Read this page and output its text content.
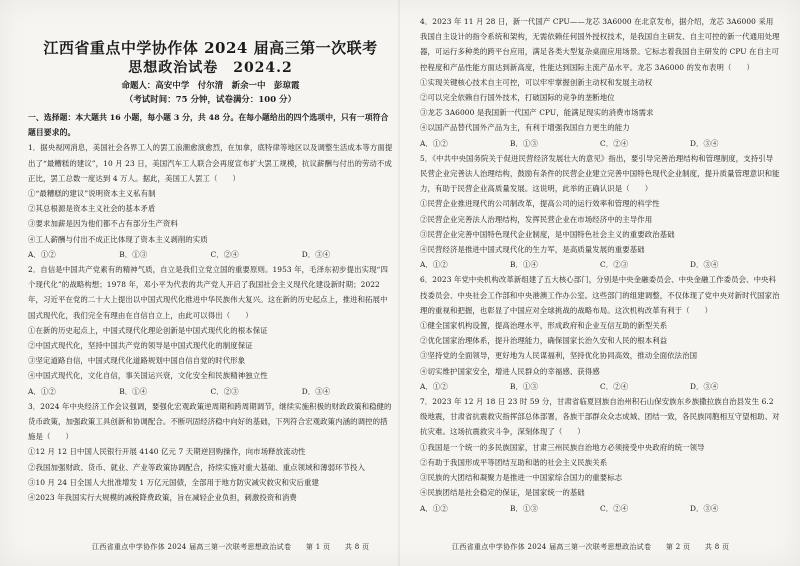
江西省重点中学协作体 2024 届高三第一次联考
思想政治试卷　2024.2
命题人：高安中学　付尔清　新余一中　彭琼霞
（考试时间：75 分钟，试卷满分：100 分）
一、选择题：本大题共 16 小题，每小题 3 分，共 48 分。在每小题给出的四个选项中，只有一项符合题目要求的。
1．据央视网消息，美国社会各界工人的罢工浪潮愈演愈烈，在加拿，底特律等地区以及调整生活成本等方面提出了“最糟糕的建议”，10 月 23 日，美国汽车工人联合会再度宣布扩大罢工规模，抗议薪酬与付出的劳动不成正比，罢工总数一度达到 4 万人。据此，美国工人罢工（　　）
①“最糟糕的建议”说明资本主义私有制
②其总根源是资本主义社会的基本矛盾
③要求加薪是因为他们都不占有部分生产资料
④工人薪酬与付出不成正比体现了资本主义剥削的实质
A．①②	B．①③	C．②④	D．③④
2．自信是中国共产党素有的精神气质，自立是我们立党立国的重要原则。1953 年，毛泽东初步提出实现“四个现代化”的战略构想；1978 年，邓小平为代表的共产党人开启了我国社会主义现代化建设新时期；2022 年，习近平在党的二十大上提出以中国式现代化推进中华民族伟大复兴。这在新的历史起点上，推进和拓展中国式现代化，我们完全有理由在自信自立上，由此可以得出（　　）
①在新的历史起点上，中国式现代化理论创新是中国式现代化的根本保证
②中国式现代化，坚持中国共产党的领导是中国式现代化的制度保证
③坚定道路自信，中国式现代化道路规划中国自信自觉的时代形象
④中国式现代化，文化自信，事关国运兴衰，文化安全和民族精神独立性
A．①②	B．①④	C．②③	D．③④
3．2024 年中央经济工作会议强调，要强化宏观政策逆周期和跨周期调节，继续实施积极的财政政策和稳健的货币政策，加强政策工具创新和协调配合。不断巩固经济稳中向好的基础，下列符合宏观政策内涵的调控的措施是（　　）
①12 月 12 日中国人民银行开展 4140 亿元 7 天期逆回购操作，向市场释放流动性
②我国加强财政、货币、就业、产业等政策协调配合，持续实施对重大基础、重点领域和薄弱环节投入
③10 月 24 日全国人大批准增发 1 万亿元国债，全部用于地方防灾减灾救灾和灾后重建
④2023 年我国实行大规模的减税降费政策，旨在减轻企业负担，刺激投资和消费
江西省重点中学协作体 2024 届高三第一次联考思想政治试卷　　第 1 页　　共 8 页
4．2023 年 11 月 28 日，新一代国产 CPU——龙芯 3A6000 在北京发布，据介绍，龙芯 3A6000 采用我国自主设计的指令系统和架构，无需依赖任何国外授权技术，是我国自主研发、自主可控的新一代通用处理器，可运行多种类的跨平台应用，满足各类大型复杂桌面应用场景。它标志着我国自主研发的 CPU 在自主可控程度和产品性能方面达到新高度，性能达到国际主流产品水平。龙芯 3A6000 的发布表明（　　）
①实现关键核心技术自主可控，可以牢牢掌握创新主动权和发展主动权
②可以完全依赖自行国外技术，打破国际的竞争的垄断地位
③龙芯 3A6000 是我国新一代国产 CPU，能满足现实的消费市场需求
④以国产品替代国外产品为主，有利于增强我国自力更生的能力
A．①②	B．①③	C．②④	D．③④
5．《中共中央国务院关于促进民营经济发展壮大的意见》指出，要引导完善治理结构和管理制度，支持引导民营企业完善法人治理结构，鼓励有条件的民营企业建立完善中国特色现代企业制度，提升质量管理意识和能力，有助于民营企业高质量发展。这说明，此举的正确认识是（　　）
①民营企业推进现代的公司制改革，提高公司的运行效率和管理的科学性
②民营企业完善法人治理结构，发挥民营企业在市场经济中的主导作用
③民营企业完善中国特色现代企业制度，是中国特色社会主义的重要政治基础
④民营经济是推进中国式现代化的生力军，是高质量发展的重要基础
A．①②	B．①④	C．②③	D．③④
6．2023 年党中央机构改革新组建了五大核心部门，分别是中央金融委员会、中央金融工作委员会、中央科技委员会、中央社会工作部和中央港澳工作办公室。这些部门的组建调整，不仅体现了党中央对新时代国家治理的重视和把握，也彰显了中国应对全球挑战的战略布局。这次机构改革有利于（　　）
①健全国家机构设置，提高治理水平，形成政府和企业互信互助的新型关系
②优化国家治理体系，提升治理能力，确保国家长治久安和人民的根本利益
③坚持党的全面领导，更好地为人民谋福利，坚持优化协同高效，推动全面依法治国
④切实维护国家安全，增进人民群众的幸福感、获得感
A．①②	B．①③	C．②④	D．③④
7．2023 年 12 月 18 日 23 时 59 分，甘肃省临夏回族自治州积石山保安族东乡族撒拉族自治县发生 6.2 级地震，甘肃省抗震救灾指挥部总体部署，各族干部群众众志成城、团结一致，各民族同胞相互守望相助、对抗灾难。这场抗震救灾斗争，深刻体现了（　　）
①我国是一个统一的多民族国家，甘肃三州民族自治地方必须接受中央政府的统一领导
②有助于我国形成平等团结互助和谐的社会主义民族关系
③民族的大团结和凝聚力是推进一中国家综合国力的重要标志
④民族团结是社会稳定的保证，是国家统一的基础
A．①②	B．①③	C．②④	D．③④
江西省重点中学协作体 2024 届高三第一次联考思想政治试卷　　第 2 页　　共 8 页
